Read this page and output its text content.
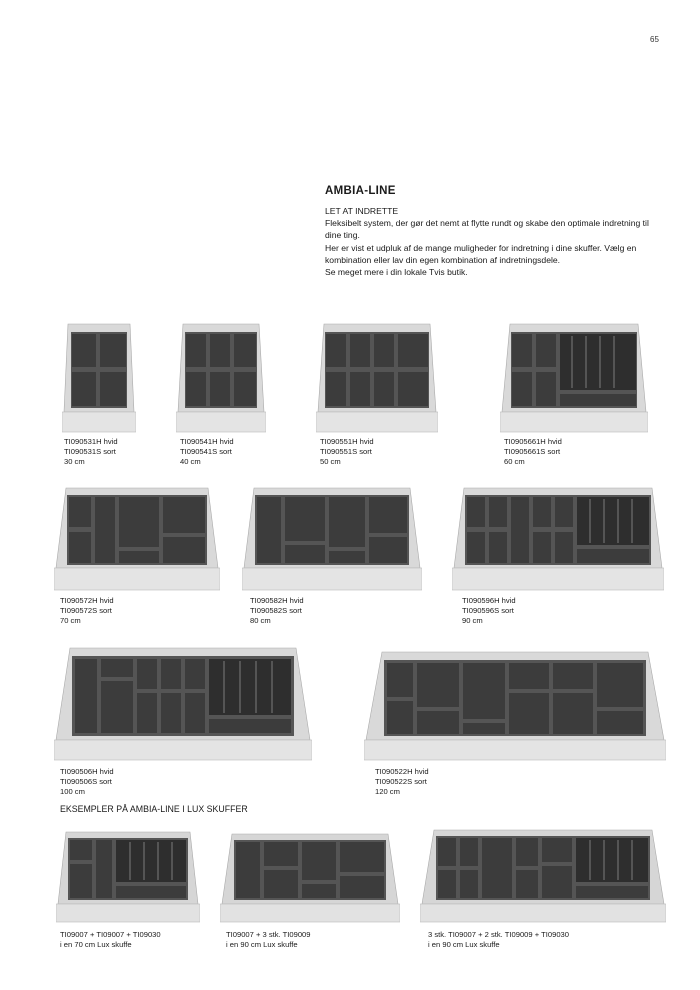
65
AMBIA-LINE
LET AT INDRETTE

Fleksibelt system, der gør det nemt at flytte rundt og skabe den optimale indretning til dine ting.

Her er vist et udpluk af de mange muligheder for indretning i dine skuffer. Vælg en kombination eller lav din egen kombination af indretningsdele.

Se meget mere i din lokale Tvis butik.

TI090531H hvid
TI090531S sort
30 cm
TI090541H hvid
TI090541S sort
40 cm
TI090551H hvid
TI090551S sort
50 cm
TI0905661H hvid
TI0905661S sort
60 cm
TI090572H hvid
TI090572S sort
70 cm
TI090582H hvid
TI090582S sort
80 cm
TI090596H hvid
TI090596S sort
90 cm
TI090506H hvid
TI090506S sort
100 cm
TI090522H hvid
TI090522S sort
120 cm
EKSEMPLER PÅ AMBIA-LINE I LUX SKUFFER
TI09007 + TI09007 + TI09030
i en 70 cm Lux skuffe
TI09007 + 3 stk. TI09009
i en 90 cm Lux skuffe
3 stk. TI09007 + 2 stk. TI09009 + TI09030
i en 90 cm Lux skuffe
